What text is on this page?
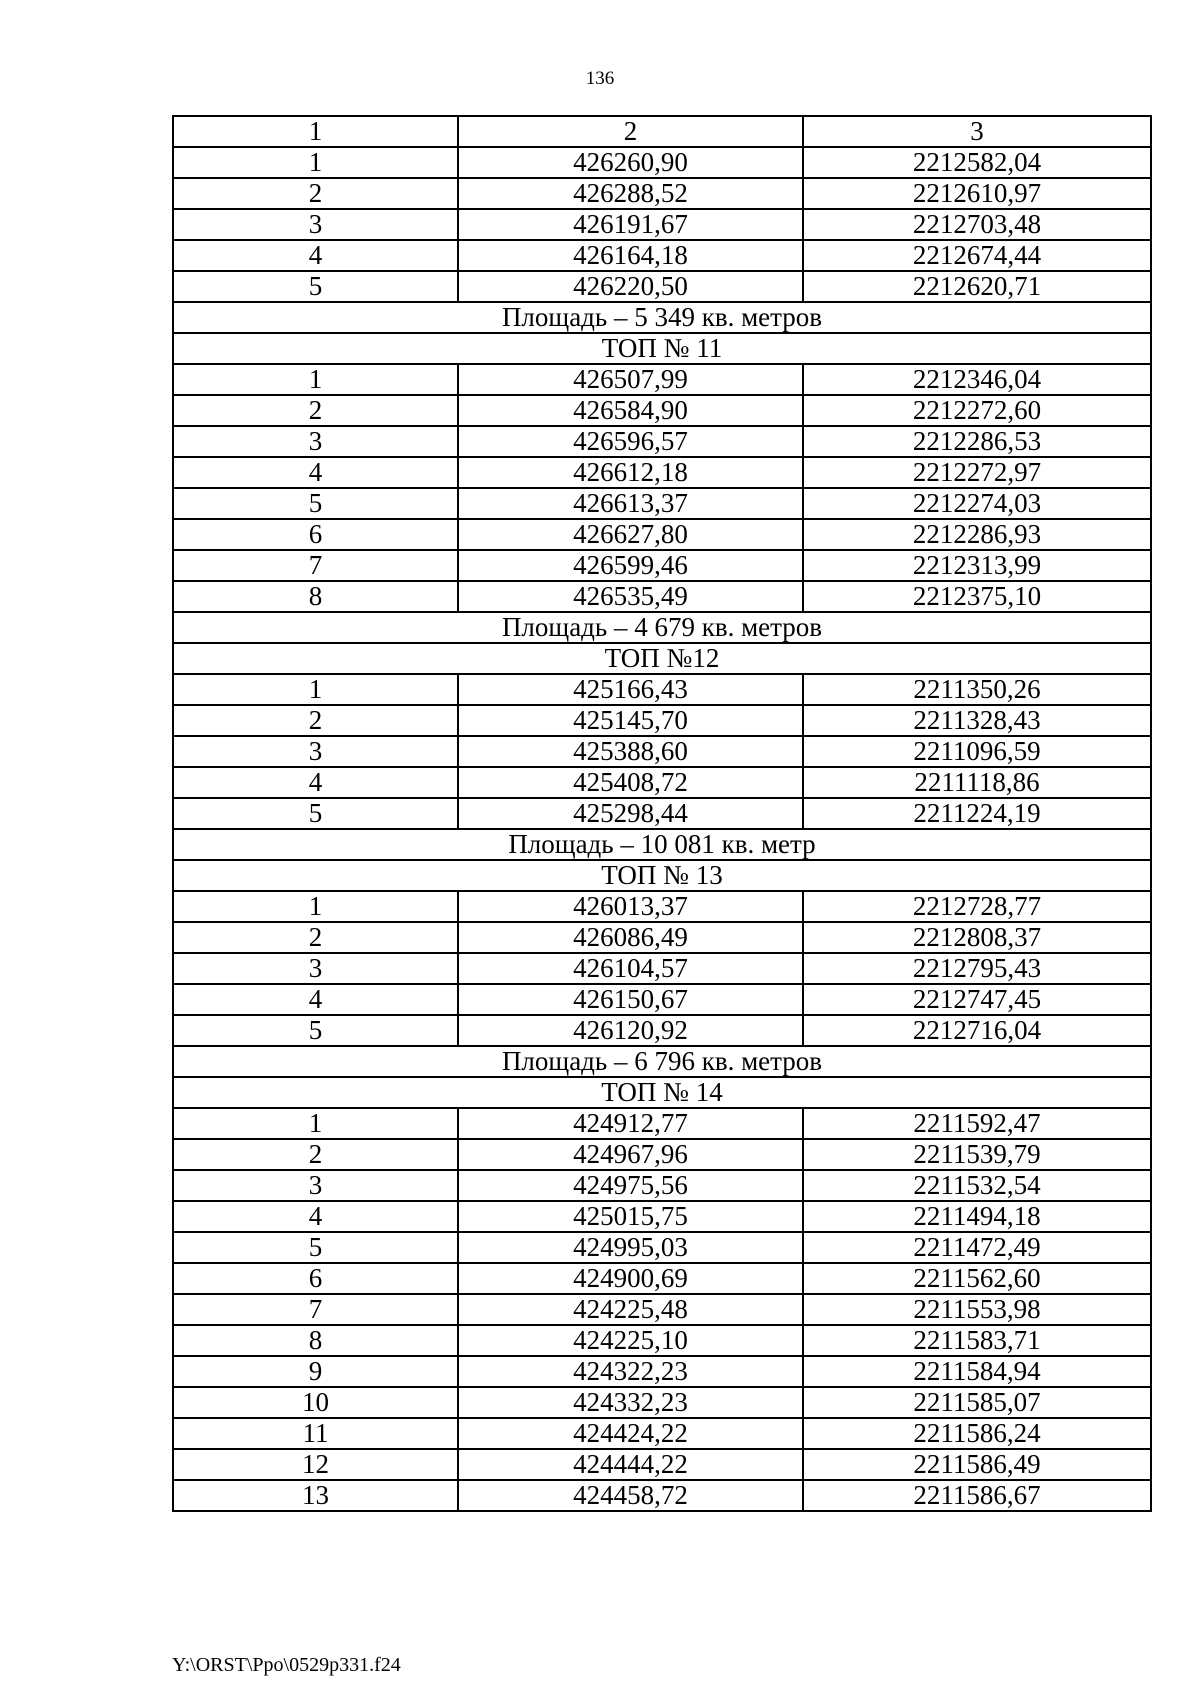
136
1	2	3
1	426260,90	2212582,04
2	426288,52	2212610,97
3	426191,67	2212703,48
4	426164,18	2212674,44
5	426220,50	2212620,71
Площадь – 5 349 кв. метров		
ТОП № 11		
1	426507,99	2212346,04
2	426584,90	2212272,60
3	426596,57	2212286,53
4	426612,18	2212272,97
5	426613,37	2212274,03
6	426627,80	2212286,93
7	426599,46	2212313,99
8	426535,49	2212375,10
Площадь – 4 679 кв. метров		
ТОП №12		
1	425166,43	2211350,26
2	425145,70	2211328,43
3	425388,60	2211096,59
4	425408,72	2211118,86
5	425298,44	2211224,19
Площадь – 10 081 кв. метр		
ТОП № 13		
1	426013,37	2212728,77
2	426086,49	2212808,37
3	426104,57	2212795,43
4	426150,67	2212747,45
5	426120,92	2212716,04
Площадь – 6 796 кв. метров		
ТОП № 14		
1	424912,77	2211592,47
2	424967,96	2211539,79
3	424975,56	2211532,54
4	425015,75	2211494,18
5	424995,03	2211472,49
6	424900,69	2211562,60
7	424225,48	2211553,98
8	424225,10	2211583,71
9	424322,23	2211584,94
10	424332,23	2211585,07
11	424424,22	2211586,24
12	424444,22	2211586,49
13	424458,72	2211586,67
Y:\ORST\Ppo\0529p331.f24
